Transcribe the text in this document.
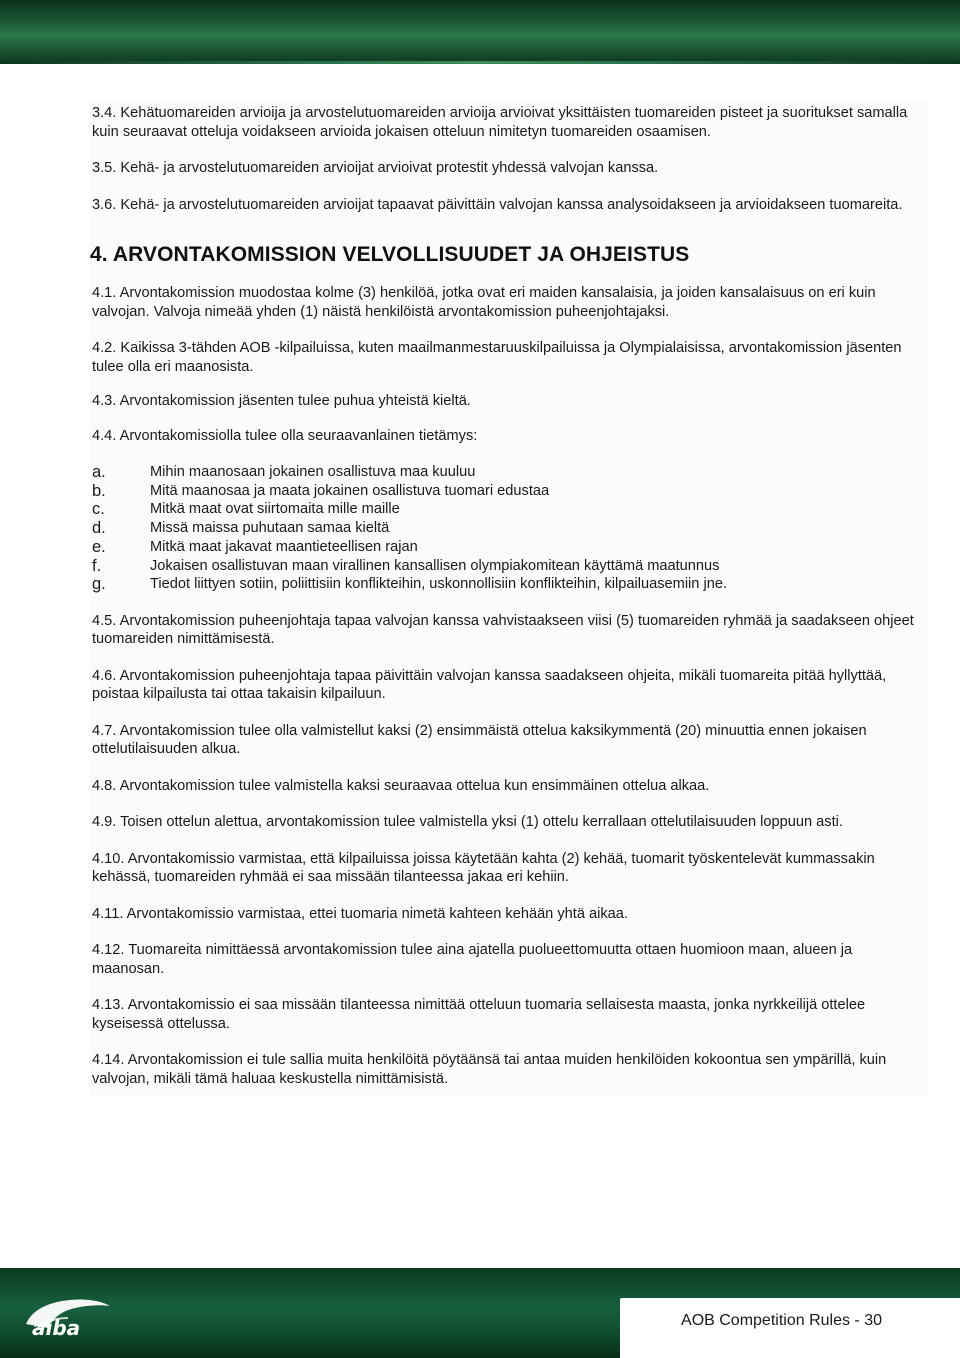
3.4. Kehätuomareiden arvioija ja arvostelutuomareiden arvioija arvioivat yksittäisten tuomareiden pisteet ja suoritukset samalla kuin seuraavat otteluja voidakseen arvioida jokaisen otteluun nimitetyn tuomareiden osaamisen.

3.5. Kehä- ja arvostelutuomareiden arvioijat arvioivat protestit yhdessä valvojan kanssa.

3.6. Kehä- ja arvostelutuomareiden arvioijat tapaavat päivittäin valvojan kanssa analysoidakseen ja arvioidakseen tuomareita.

4. ARVONTAKOMISSION VELVOLLISUUDET JA OHJEISTUS

4.1. Arvontakomission muodostaa kolme (3) henkilöä, jotka ovat eri maiden kansalaisia, ja joiden kansalaisuus on eri kuin valvojan. Valvoja nimeää yhden (1) näistä henkilöistä arvontakomission puheenjohtajaksi.

4.2. Kaikissa 3-tähden AOB -kilpailuissa, kuten maailmanmestaruuskilpailuissa ja Olympialaisissa, arvontakomission jäsenten tulee olla eri maanosista.

4.3. Arvontakomission jäsenten tulee puhua yhteistä kieltä.

4.4. Arvontakomissiolla tulee olla seuraavanlainen tietämys:

a.	Mihin maanosaan jokainen osallistuva maa kuuluu
b.	Mitä maanosaa ja maata jokainen osallistuva tuomari edustaa
c.	Mitkä maat ovat siirtomaita mille maille
d.	Missä maissa puhutaan samaa kieltä
e.	Mitkä maat jakavat maantieteellisen rajan
f.	Jokaisen osallistuvan maan virallinen kansallisen olympiakomitean käyttämä maatunnus
g.	Tiedot liittyen sotiin, poliittisiin konflikteihin, uskonnollisiin konflikteihin, kilpailuasemiin jne.

4.5. Arvontakomission puheenjohtaja tapaa valvojan kanssa vahvistaakseen viisi (5) tuomareiden ryhmää ja saadakseen ohjeet tuomareiden nimittämisestä.

4.6. Arvontakomission puheenjohtaja tapaa päivittäin valvojan kanssa saadakseen ohjeita, mikäli tuomareita pitää hyllyttää, poistaa kilpailusta tai ottaa takaisin kilpailuun.

4.7. Arvontakomission tulee olla valmistellut kaksi (2) ensimmäistä ottelua kaksikymmentä (20) minuuttia ennen jokaisen ottelutilaisuuden alkua.

4.8. Arvontakomission tulee valmistella kaksi seuraavaa ottelua kun ensimmäinen ottelua alkaa.

4.9. Toisen ottelun alettua, arvontakomission tulee valmistella yksi (1) ottelu kerrallaan ottelutilaisuuden loppuun asti.

4.10. Arvontakomissio varmistaa, että kilpailuissa joissa käytetään kahta (2) kehää, tuomarit työskentelevät kummassakin kehässä, tuomareiden ryhmää ei saa missään tilanteessa jakaa eri kehiin.

4.11. Arvontakomissio varmistaa, ettei tuomaria nimetä kahteen kehään yhtä aikaa.

4.12. Tuomareita nimittäessä arvontakomission tulee aina ajatella puolueettomuutta ottaen huomioon maan, alueen ja maanosan.

4.13. Arvontakomissio ei saa missään tilanteessa nimittää otteluun tuomaria sellaisesta maasta, jonka nyrkkeilijä ottelee kyseisessä ottelussa.

4.14. Arvontakomission ei tule sallia muita henkilöitä pöytäänsä tai antaa muiden henkilöiden kokoontua sen ympärillä, kuin valvojan, mikäli tämä haluaa keskustella nimittämisistä.

AOB Competition Rules - 30
aiba
